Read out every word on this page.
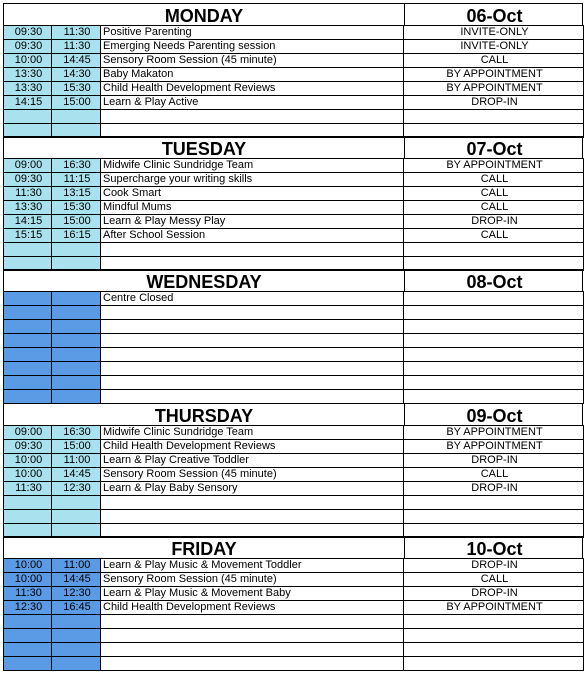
MONDAY	06-Oct
09:30	11:30	Positive Parenting	INVITE-ONLY
09:30	11:30	Emerging Needs Parenting session	INVITE-ONLY
10:00	14:45	Sensory Room Session (45 minute)	CALL
13:30	14:30	Baby Makaton	BY APPOINTMENT
13:30	15:30	Child Health Development Reviews	BY APPOINTMENT
14:15	15:00	Learn & Play Active	DROP-IN

TUESDAY	07-Oct
09:00	16:30	Midwife Clinic Sundridge Team	BY APPOINTMENT
09:30	11:15	Supercharge your writing skills	CALL
11:30	13:15	Cook Smart	CALL
13:30	15:30	Mindful Mums	CALL
14:15	15:00	Learn & Play Messy Play	DROP-IN
15:15	16:15	After School Session	CALL

WEDNESDAY	08-Oct
		Centre Closed	

THURSDAY	09-Oct
09:00	16:30	Midwife Clinic Sundridge Team	BY APPOINTMENT
09:30	15:00	Child Health Development Reviews	BY APPOINTMENT
10:00	11:00	Learn & Play Creative Toddler	DROP-IN
10:00	14:45	Sensory Room Session (45 minute)	CALL
11:30	12:30	Learn & Play Baby Sensory	DROP-IN

FRIDAY	10-Oct
10:00	11:00	Learn & Play Music & Movement Toddler	DROP-IN
10:00	14:45	Sensory Room Session (45 minute)	CALL
11:30	12:30	Learn & Play Music & Movement Baby	DROP-IN
12:30	16:45	Child Health Development Reviews	BY APPOINTMENT
